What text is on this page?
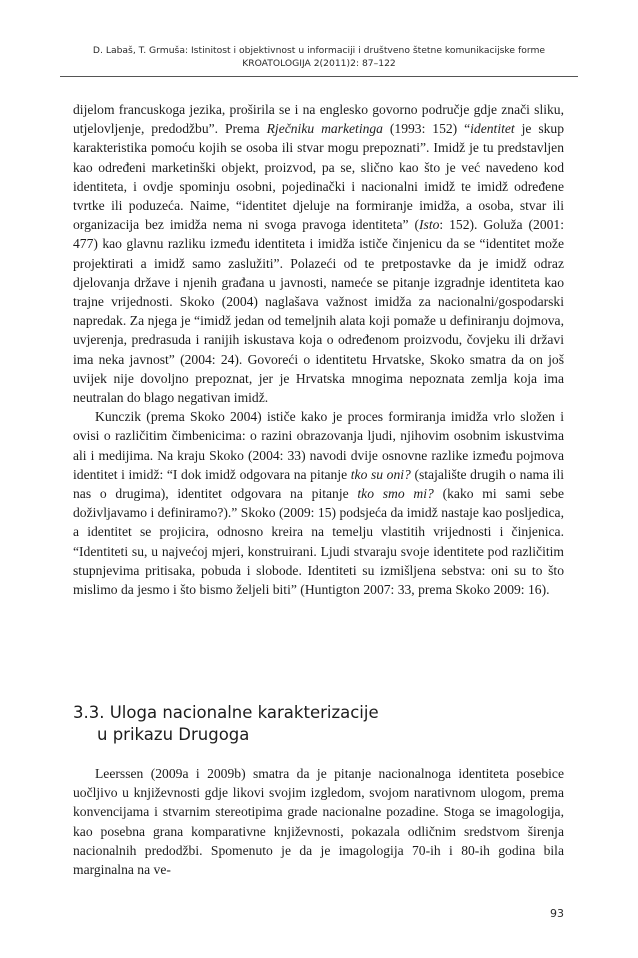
D. Labaš, T. Grmuša: Istinitost i objektivnost u informaciji i društveno štetne komunikacijske forme
KROATOLOGIJA 2(2011)2: 87–122

dijelom francuskoga jezika, proširila se i na englesko govorno područje gdje znači sliku, utjelovljenje, predodžbu”. Prema Rječniku marketinga (1993: 152) “identitet je skup karakteristika pomoću kojih se osoba ili stvar mogu prepoznati”. Imidž je tu predstavljen kao određeni marketinški objekt, proizvod, pa se, slično kao što je već navedeno kod identiteta, i ovdje spominju osobni, pojedinački i nacionalni imidž te imidž određene tvrtke ili poduzeća. Naime, “identitet djeluje na formiranje imidža, a osoba, stvar ili organizacija bez imidža nema ni svoga pravoga identiteta” (Isto: 152). Goluža (2001: 477) kao glavnu razliku između identiteta i imidža ističe činjenicu da se “identitet može projektirati a imidž samo zaslužiti”. Polazeći od te pretpostavke da je imidž odraz djelovanja države i njenih građana u javnosti, nameće se pitanje izgradnje identiteta kao trajne vrijednosti. Skoko (2004) naglašava važnost imidža za nacionalni/gospodarski napredak. Za njega je “imidž jedan od temeljnih alata koji pomaže u definiranju dojmova, uvjerenja, predrasuda i ranijih iskustava koja o određenom proizvodu, čovjeku ili državi ima neka javnost” (2004: 24). Govoreći o identitetu Hrvatske, Skoko smatra da on još uvijek nije dovoljno prepoznat, jer je Hrvatska mnogima nepoznata zemlja koja ima neutralan do blago negativan imidž.

Kunczik (prema Skoko 2004) ističe kako je proces formiranja imidža vrlo složen i ovisi o različitim čimbenicima: o razini obrazovanja ljudi, njihovim osobnim iskustvima ali i medijima. Na kraju Skoko (2004: 33) navodi dvije osnovne razlike između pojmova identitet i imidž: “I dok imidž odgovara na pitanje tko su oni? (stajalište drugih o nama ili nas o drugima), identitet odgovara na pitanje tko smo mi? (kako mi sami sebe doživljavamo i definiramo?).” Skoko (2009: 15) podsjeća da imidž nastaje kao posljedica, a identitet se projicira, odnosno kreira na temelju vlastitih vrijednosti i činjenica. “Identiteti su, u najvećoj mjeri, konstruirani. Ljudi stvaraju svoje identitete pod različitim stupnjevima pritisaka, pobuda i slobode. Identiteti su izmišljena sebstva: oni su to što mislimo da jesmo i što bismo željeli biti” (Huntigton 2007: 33, prema Skoko 2009: 16).

3.3. Uloga nacionalne karakterizacije
u prikazu Drugoga

Leerssen (2009a i 2009b) smatra da je pitanje nacionalnoga identiteta posebice uočljivo u književnosti gdje likovi svojim izgledom, svojom narativnom ulogom, prema konvencijama i stvarnim stereotipima grade nacionalne pozadine. Stoga se imagologija, kao posebna grana komparativne književnosti, pokazala odličnim sredstvom širenja nacionalnih predodžbi. Spomenuto je da je imagologija 70-ih i 80-ih godina bila marginalna na ve-

93
